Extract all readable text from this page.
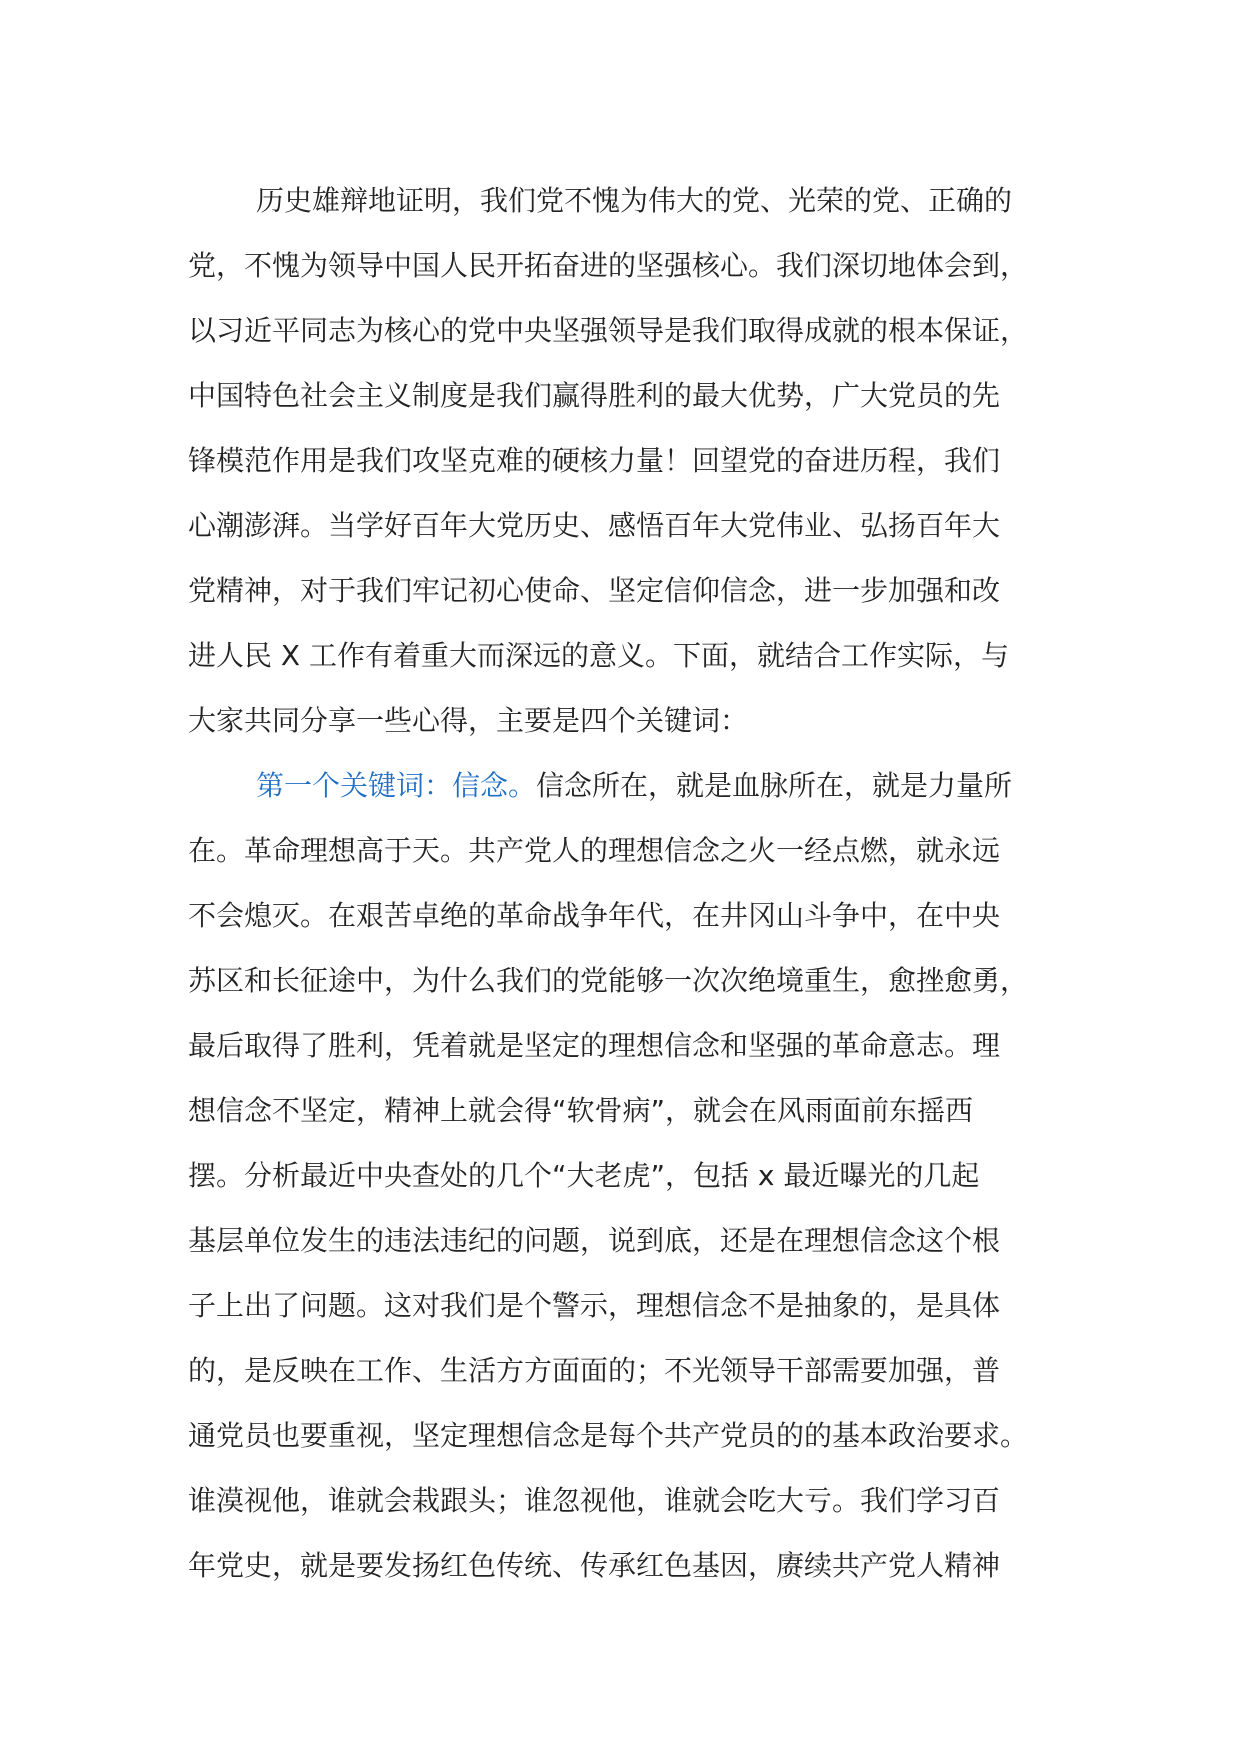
历史雄辩地证明，我们党不愧为伟大的党、光荣的党、正确的
党，不愧为领导中国人民开拓奋进的坚强核心。我们深切地体会到，
以习近平同志为核心的党中央坚强领导是我们取得成就的根本保证，
中国特色社会主义制度是我们赢得胜利的最大优势，广大党员的先
锋模范作用是我们攻坚克难的硬核力量！回望党的奋进历程，我们
心潮澎湃。当学好百年大党历史、感悟百年大党伟业、弘扬百年大
党精神，对于我们牢记初心使命、坚定信仰信念，进一步加强和改
进人民 X 工作有着重大而深远的意义。下面，就结合工作实际，与
大家共同分享一些心得，主要是四个关键词：
第一个关键词：信念。信念所在，就是血脉所在，就是力量所
在。革命理想高于天。共产党人的理想信念之火一经点燃，就永远
不会熄灭。在艰苦卓绝的革命战争年代，在井冈山斗争中，在中央
苏区和长征途中，为什么我们的党能够一次次绝境重生，愈挫愈勇，
最后取得了胜利，凭着就是坚定的理想信念和坚强的革命意志。理
想信念不坚定，精神上就会得“软骨病”，就会在风雨面前东摇西
摆。分析最近中央查处的几个“大老虎”，包括 x 最近曝光的几起
基层单位发生的违法违纪的问题，说到底，还是在理想信念这个根
子上出了问题。这对我们是个警示，理想信念不是抽象的，是具体
的，是反映在工作、生活方方面面的；不光领导干部需要加强，普
通党员也要重视，坚定理想信念是每个共产党员的的基本政治要求。
谁漠视他，谁就会栽跟头；谁忽视他，谁就会吃大亏。我们学习百
年党史，就是要发扬红色传统、传承红色基因，赓续共产党人精神
